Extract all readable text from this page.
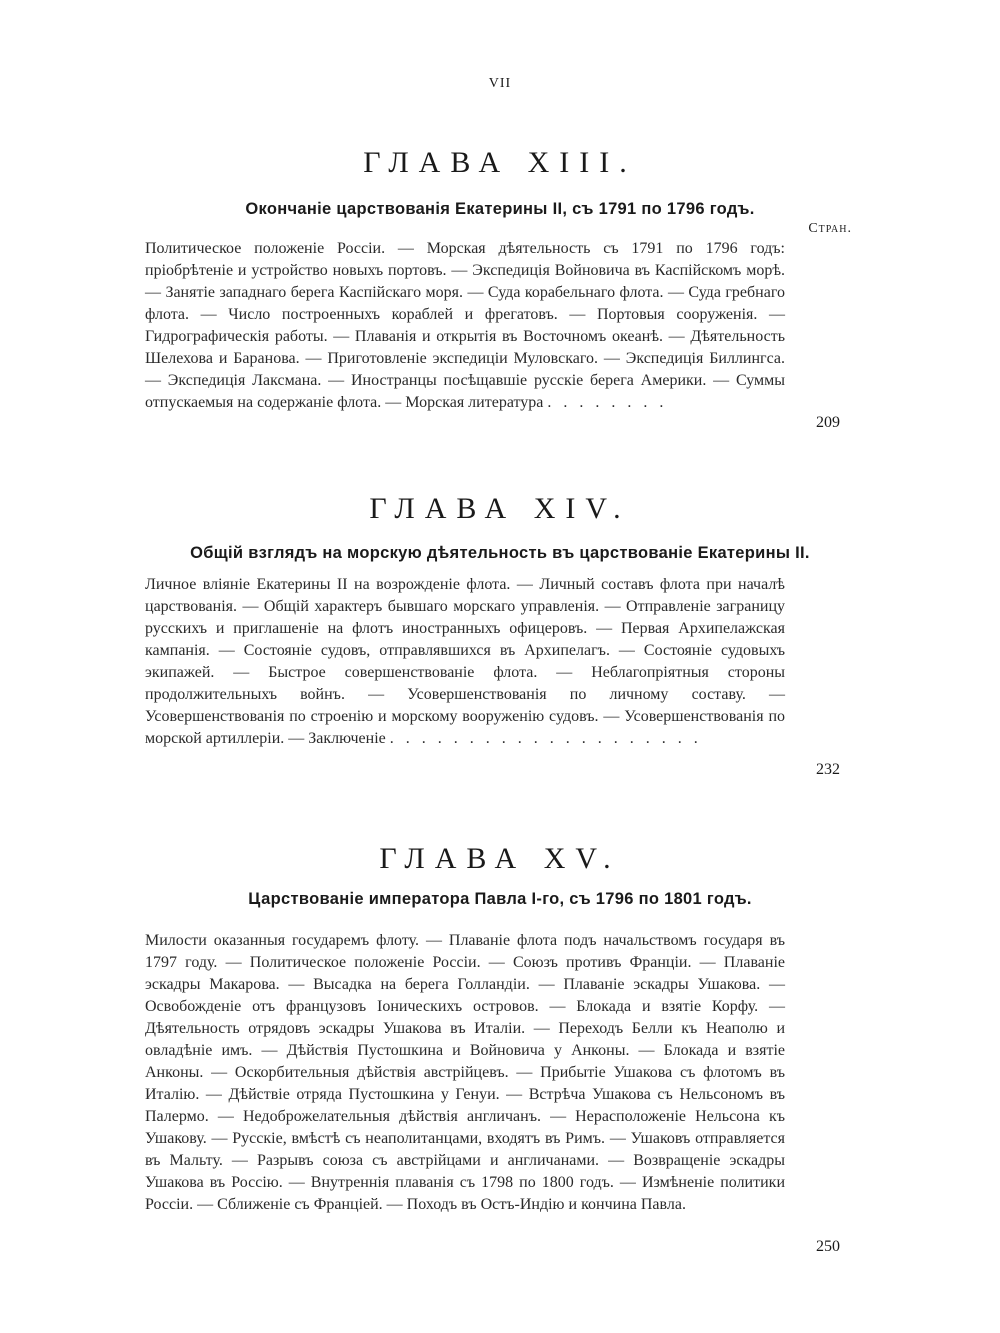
VII
ГЛАВА XIII.
Окончаніе царствованія Екатерины II, съ 1791 по 1796 годъ.
Стран.
Политическое положеніе Россіи. — Морская дѣятельность съ 1791 по 1796 годъ: пріобрѣтеніе и устройство новыхъ портовъ. — Экспедиція Войновича въ Каспійскомъ морѣ. — Занятіе западнаго берега Каспійскаго моря. — Суда корабельнаго флота. — Суда гребнаго флота. — Число построенныхъ кораблей и фрегатовъ. — Портовыя сооруженія. — Гидрографическія работы. — Плаванія и открытія въ Восточномъ океанѣ. — Дѣятельность Шелехова и Баранова. — Приготовленіе экспедиціи Муловскаго. — Экспедиція Биллингса. — Экспедиція Лаксмана. — Иностранцы посѣщавшіе русскіе берега Америки. — Суммы отпускаемыя на содержаніе флота. — Морская литература . . . . . . . .
209
ГЛАВА XIV.
Общій взглядъ на морскую дѣятельность въ царствованіе Екатерины II.
Личное вліяніе Екатерины II на возрожденіе флота. — Личный составъ флота при началѣ царствованія. — Общій характеръ бывшаго морскаго управленія. — Отправленіе заграницу русскихъ и приглашеніе на флотъ иностранныхъ офицеровъ. — Первая Архипелажская кампанія. — Состояніе судовъ, отправлявшихся въ Архипелагъ. — Состояніе судовыхъ экипажей. — Быстрое совершенствованіе флота. — Неблагопріятныя стороны продолжительныхъ войнъ. — Усовершенствованія по личному составу. — Усовершенствованія по строенію и морскому вооруженію судовъ. — Усовершенствованія по морской артиллеріи. — Заключеніе . . . . . . . . . . . . . . . . . . . .
232
ГЛАВА XV.
Царствованіе императора Павла I-го, съ 1796 по 1801 годъ.
Милости оказанныя государемъ флоту. — Плаваніе флота подъ начальствомъ государя въ 1797 году. — Политическое положеніе Россіи. — Союзъ противъ Франціи. — Плаваніе эскадры Макарова. — Высадка на берега Голландіи. — Плаваніе эскадры Ушакова. — Освобожденіе отъ французовъ Іоническихъ островов. — Блокада и взятіе Корфу. — Дѣятельность отрядовъ эскадры Ушакова въ Италіи. — Переходъ Белли къ Неаполю и овладѣніе имъ. — Дѣйствія Пустошкина и Войновича у Анконы. — Блокада и взятіе Анконы. — Оскорбительныя дѣйствія австрійцевъ. — Прибытіе Ушакова съ флотомъ въ Италію. — Дѣйствіе отряда Пустошкина у Генуи. — Встрѣча Ушакова съ Нельсономъ въ Палермо. — Недоброжелательныя дѣйствія англичанъ. — Нерасположеніе Нельсона къ Ушакову. — Русскіе, вмѣстѣ съ неаполитанцами, входятъ въ Римъ. — Ушаковъ отправляется въ Мальту. — Разрывъ союза съ австрійцами и англичанами. — Возвращеніе эскадры Ушакова въ Россію. — Внутреннія плаванія съ 1798 по 1800 годъ. — Измѣненіе политики Россіи. — Сближеніе съ Франціей. — Походъ въ Остъ-Индію и кончина Павла.
250
